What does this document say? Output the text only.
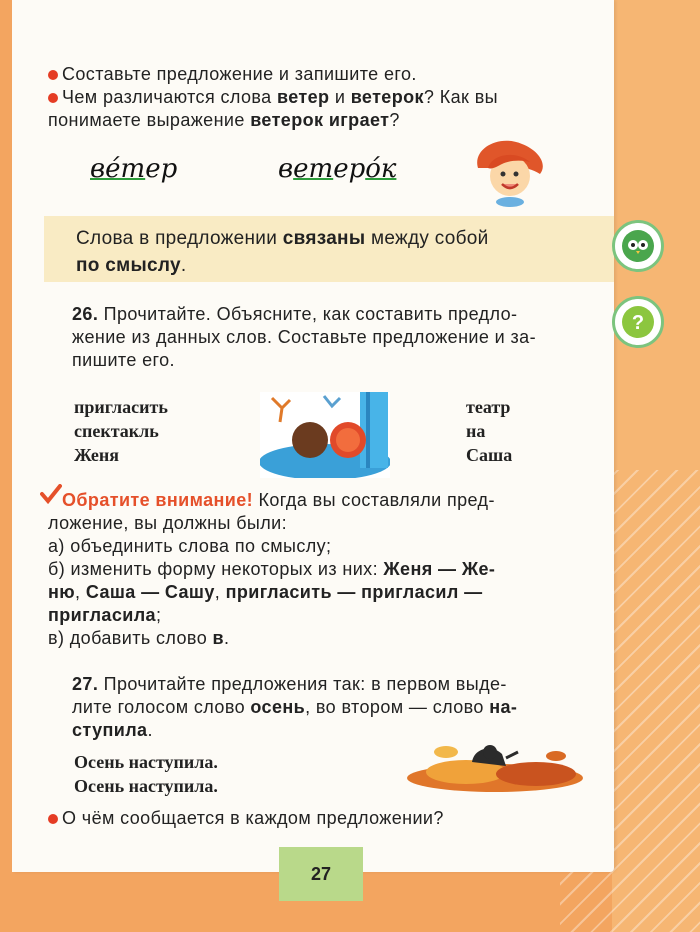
Составьте предложение и запишите его.
Чем различаются слова ветер и ветерок? Как вы
понимаете выражение ветерок играет?
вéтер	ветерóк
Слова в предложении связаны между собой
по смыслу.
?
26. Прочитайте. Объясните, как составить предло-
жение из данных слов. Составьте предложение и за-
пишите его.
пригласить
спектакль
Женя
театр
на
Саша
Обратите внимание! Когда вы составляли пред-
ложение, вы должны были:
а) объединить слова по смыслу;
б) изменить форму некоторых из них: Женя — Же-
ню, Саша — Сашу, пригласить — пригласил —
пригласила;
в) добавить слово в.
27. Прочитайте предложения так: в первом выде-
лите голосом слово осень, во втором — слово на-
ступила.
Осень наступила.
Осень наступила.
О чём сообщается в каждом предложении?
27
